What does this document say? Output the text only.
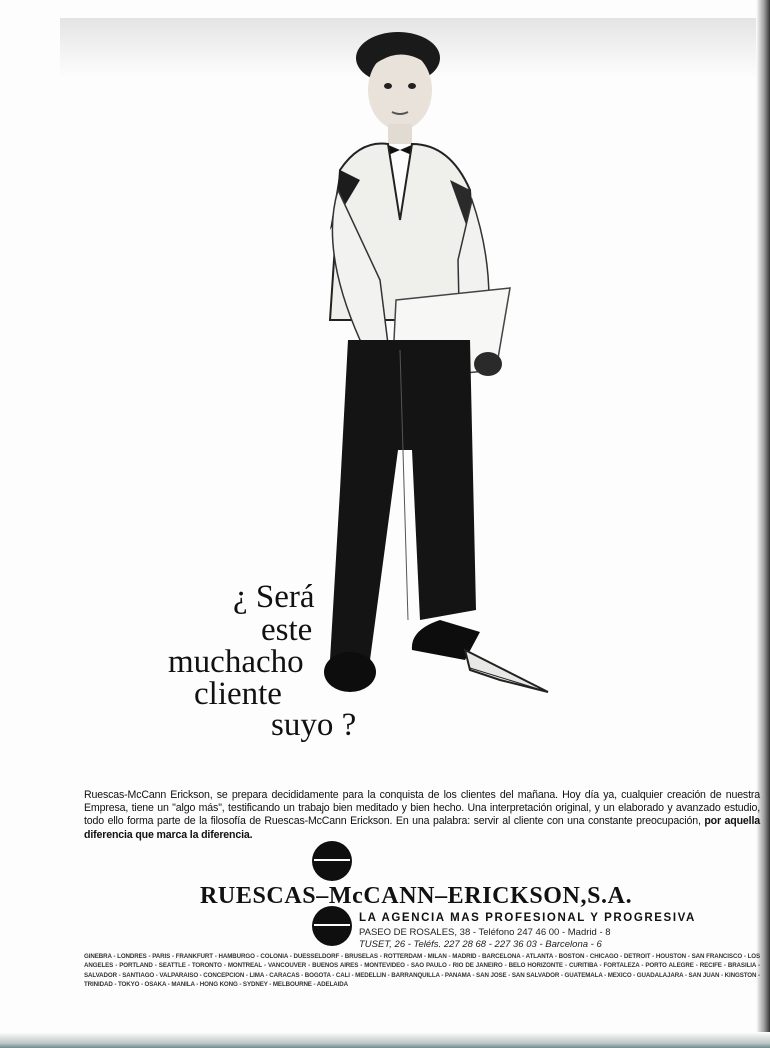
¿ Será
este
muchacho
cliente
suyo ?
Ruescas-McCann Erickson, se prepara decididamente para la conquista de los clientes del mañana. Hoy día ya, cualquier creación de nuestra Empresa, tiene un "algo más", testificando un trabajo bien meditado y bien hecho. Una interpretación original, y un elaborado y avanzado estudio, todo ello forma parte de la filosofía de Ruescas-McCann Erickson. En una palabra: servir al cliente con una constante preocupación, por aquella diferencia que marca la diferencia.
RUESCAS–McCANN–ERICKSON,S.A.
LA AGENCIA MAS PROFESIONAL Y PROGRESIVA
PASEO DE ROSALES, 38 - Teléfono 247 46 00 - Madrid - 8
TUSET, 26 - Teléfs. 227 28 68 - 227 36 03 - Barcelona - 6
GINEBRA - LONDRES - PARIS - FRANKFURT - HAMBURGO - COLONIA - DUESSELDORF - BRUSELAS - ROTTERDAM - MILAN - MADRID - BARCELONA - ATLANTA - BOSTON - CHICAGO - DETROIT - HOUSTON - SAN FRANCISCO - LOS ANGELES - PORTLAND - SEATTLE - TORONTO - MONTREAL - VANCOUVER - BUENOS AIRES - MONTEVIDEO - SAO PAULO - RIO DE JANEIRO - BELO HORIZONTE - CURITIBA - FORTALEZA - PORTO ALEGRE - RECIFE - BRASILIA - SALVADOR - SANTIAGO - VALPARAISO - CONCEPCION - LIMA - CARACAS - BOGOTA - CALI - MEDELLIN - BARRANQUILLA - PANAMA - SAN JOSE - SAN SALVADOR - GUATEMALA - MEXICO - GUADALAJARA - SAN JUAN - KINGSTON - TRINIDAD - TOKYO - OSAKA - MANILA - HONG KONG - SYDNEY - MELBOURNE - ADELAIDA
